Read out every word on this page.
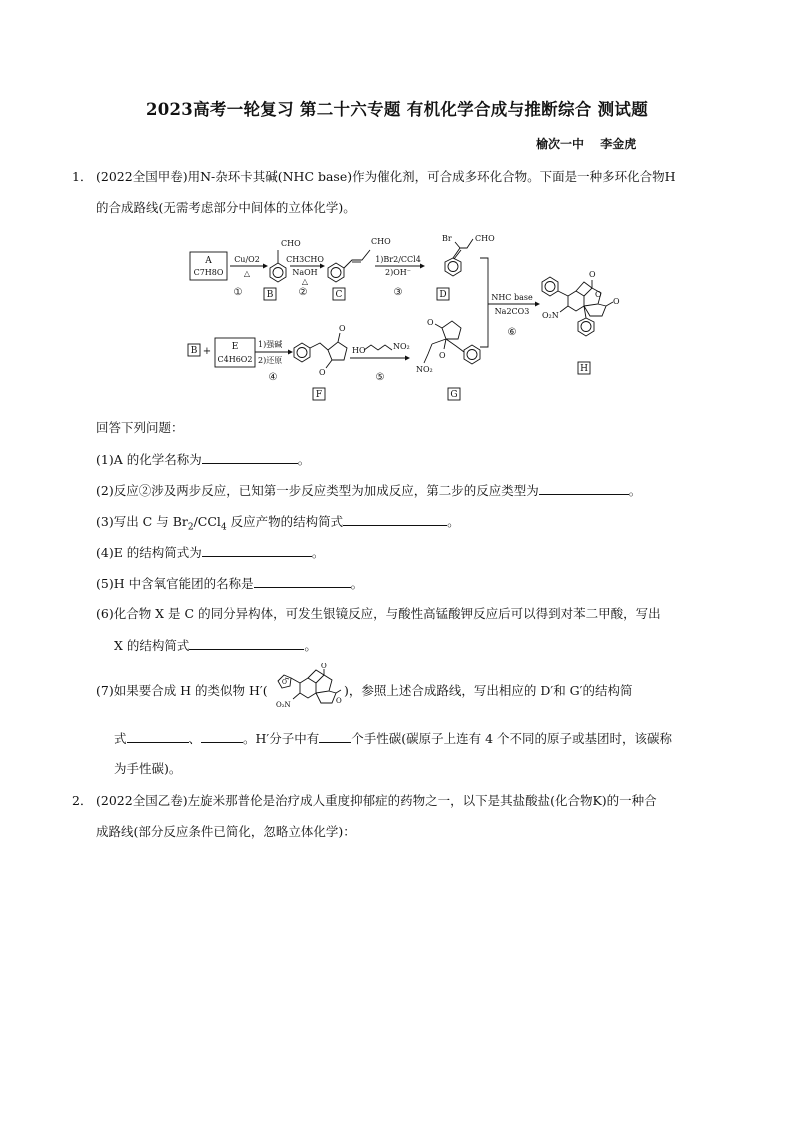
2023高考一轮复习 第二十六专题 有机化学合成与推断综合 测试题
榆次一中 李金虎
1． (2022全国甲卷)用N-杂环卡其碱(NHC base)作为催化剂，可合成多环化合物。下面是一种多环化合物H
的合成路线(无需考虑部分中间体的立体化学)。
A
C7H8O
Cu/O2
△
①
CHO
B
CH3CHO
NaOH
△
②
CHO
C
1)Br2/CCl4
2)OH⁻
③
Br	CHO
D	NHC base
Na2CO3
⑥
O
O
O
O₂N
H
B + E
C4H6O2
1)强碱
2)还原
④
O
O
F
HO	NO₂
⑤
O
O
NO₂
G
回答下列问题：
(1)A 的化学名称为	。
(2)反应②涉及两步反应，已知第一步反应类型为加成反应，第二步的反应类型为	。
(3)写出 C 与 $Br_2/CCl_4$ 反应产物的结构简式	。
(4)E 的结构简式为	。
(5)H 中含氧官能团的名称是	。
(6)化合物 X 是 C 的同分异构体，可发生银镜反应，与酸性高锰酸钾反应后可以得到对苯二甲酸，写出
X 的结构简式	。
(7)如果要合成 H 的类似物 H′(
O
O
O
O₂N
)，参照上述合成路线，写出相应的 D′和 G′的结构简
式	、	。H′分子中有	个手性碳(碳原子上连有 4 个不同的原子或基团时，该碳称
为手性碳)。
2． (2022全国乙卷)左旋米那普伦是治疗成人重度抑郁症的药物之一，以下是其盐酸盐(化合物K)的一种合
成路线(部分反应条件已简化，忽略立体化学)：
